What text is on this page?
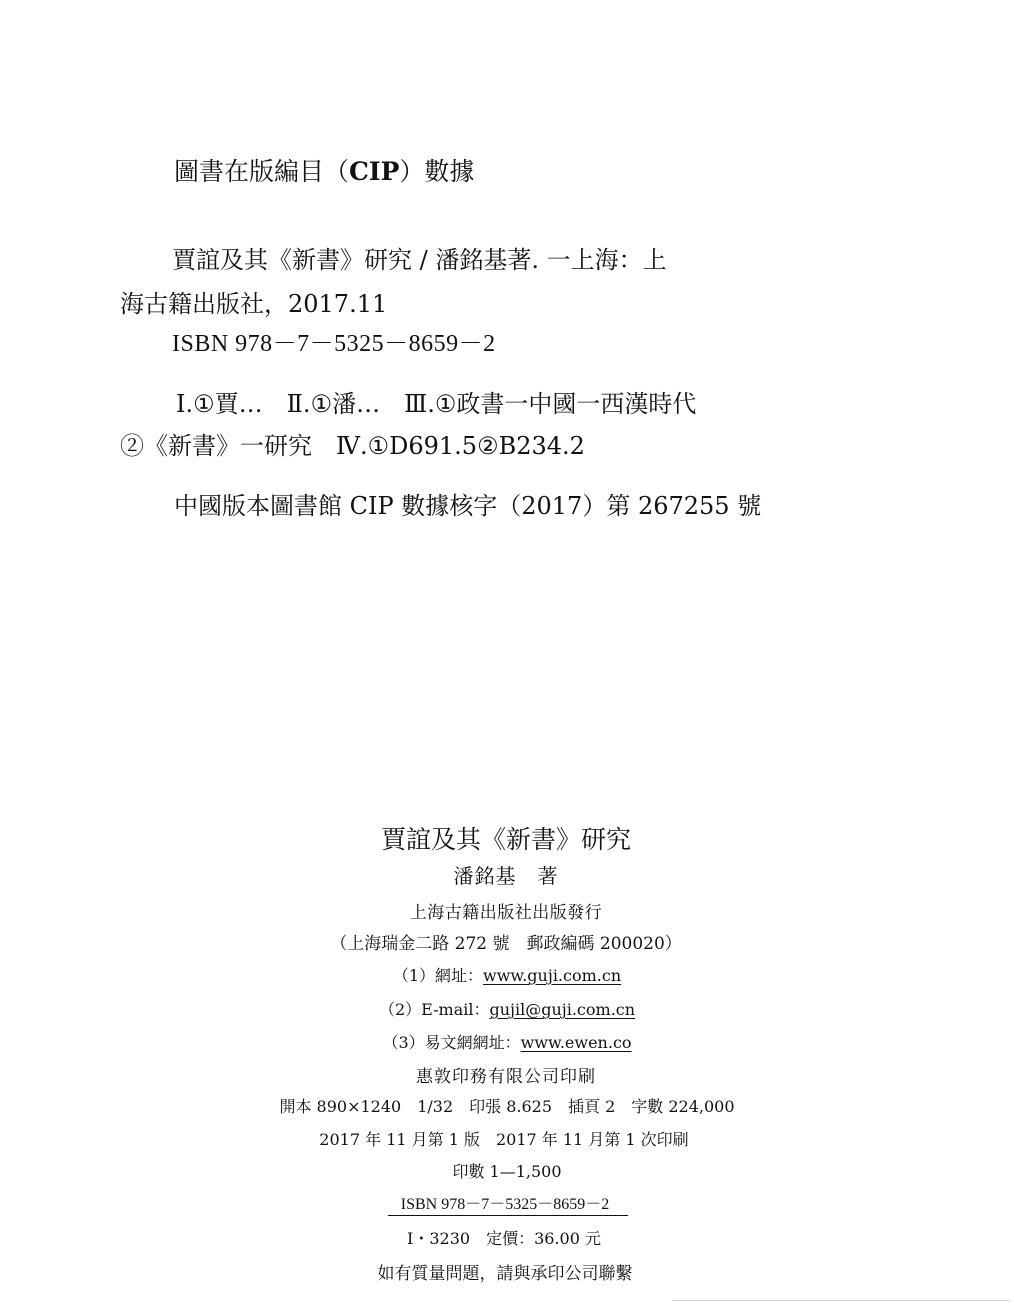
圖書在版編目（CIP）數據
賈誼及其《新書》研究 / 潘銘基著. 一上海：上
海古籍出版社，2017.11
ISBN 978－7－5325－8659－2
Ⅰ.①賈…　Ⅱ.①潘…　Ⅲ.①政書一中國一西漢時代
②《新書》一研究　Ⅳ.①D691.5②B234.2
中國版本圖書館 CIP 數據核字（2017）第 267255 號
賈誼及其《新書》研究
潘銘基　著
上海古籍出版社出版發行
（上海瑞金二路 272 號　郵政編碼 200020）
（1）網址：www.guji.com.cn
（2）E-mail：gujil@guji.com.cn
（3）易文網網址：www.ewen.co
惠敦印務有限公司印刷
開本 890×1240　1/32　印張 8.625　插頁 2　字數 224,000
2017 年 11 月第 1 版　2017 年 11 月第 1 次印刷
印數 1—1,500
ISBN 978－7－5325－8659－2
I・3230　定價：36.00 元
如有質量問題，請與承印公司聯繫
